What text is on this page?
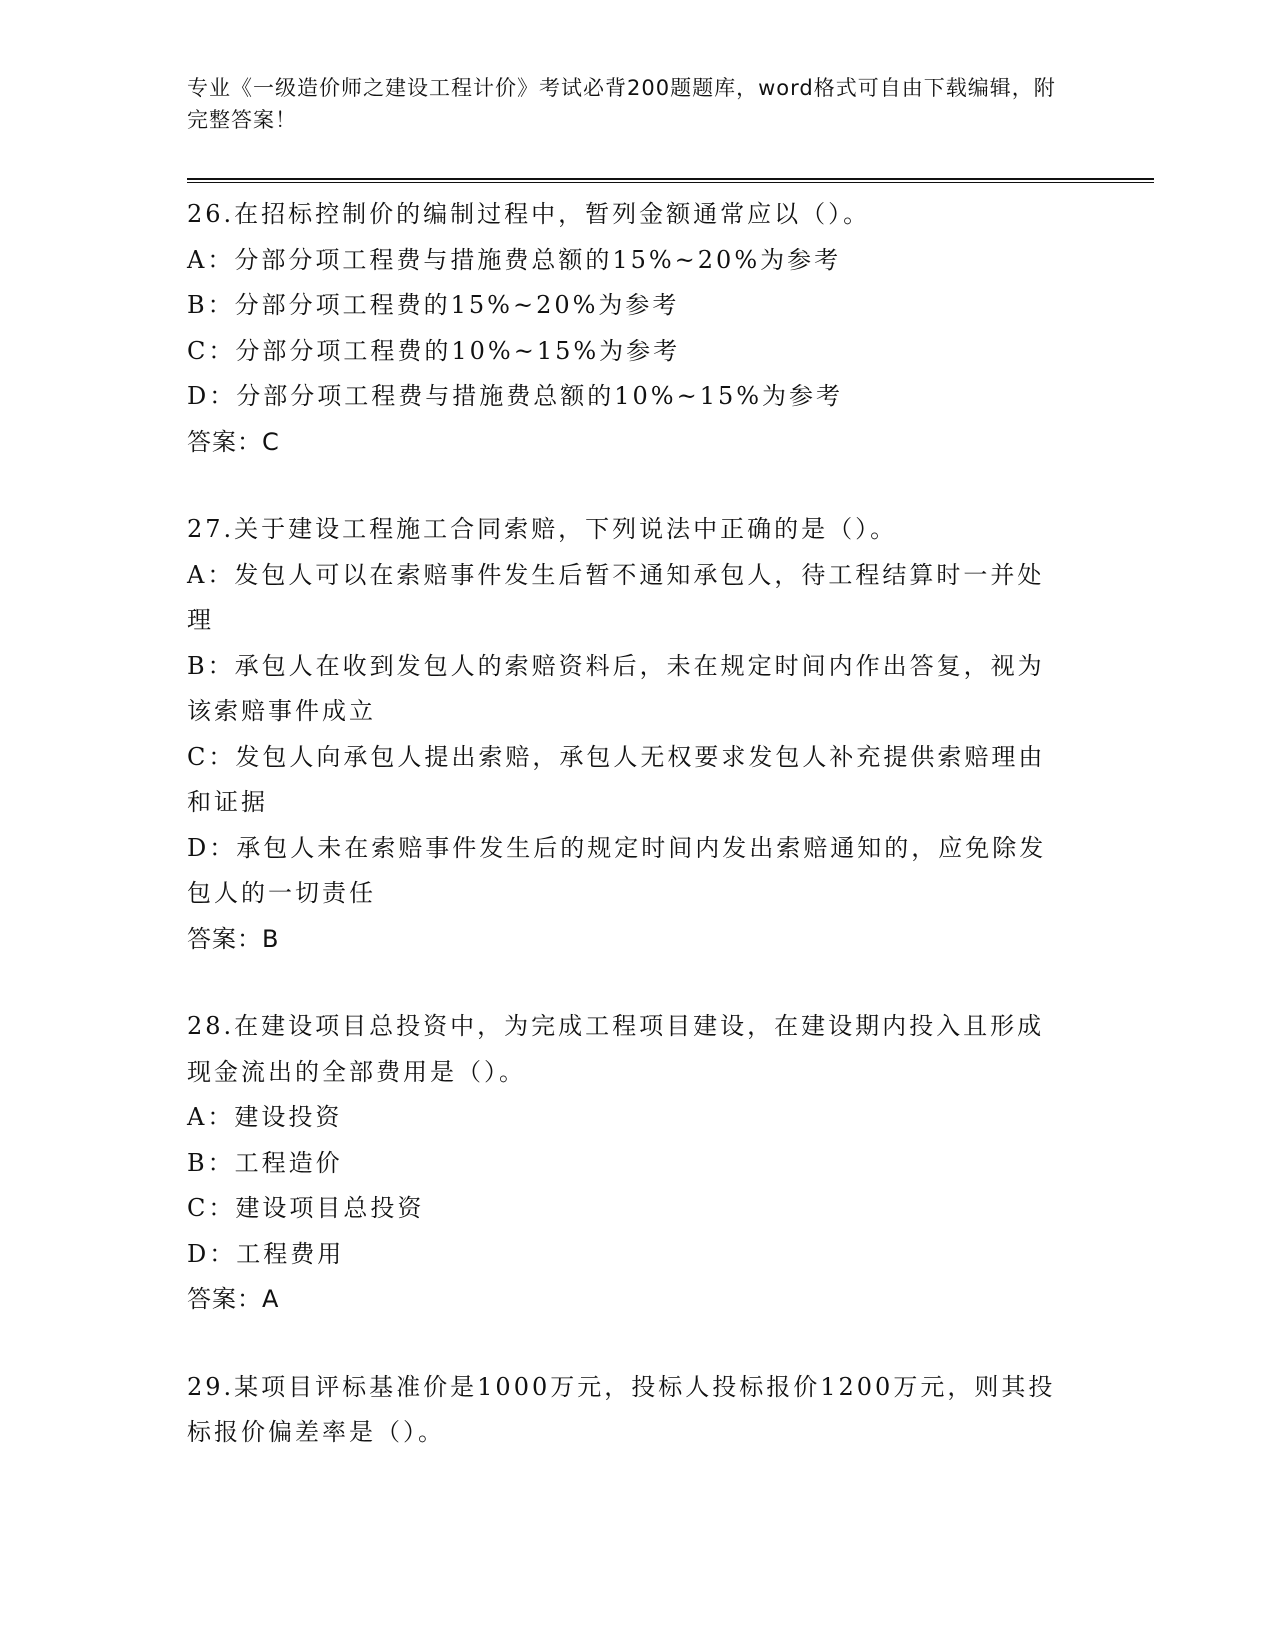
专业《一级造价师之建设工程计价》考试必背200题题库，word格式可自由下载编辑，附完整答案！
26.在招标控制价的编制过程中，暂列金额通常应以（）。
A：分部分项工程费与措施费总额的15%~20%为参考
B：分部分项工程费的15%~20%为参考
C：分部分项工程费的10%~15%为参考
D：分部分项工程费与措施费总额的10%~15%为参考
答案：C
27.关于建设工程施工合同索赔，下列说法中正确的是（）。
A：发包人可以在索赔事件发生后暂不通知承包人，待工程结算时一并处理
B：承包人在收到发包人的索赔资料后，未在规定时间内作出答复，视为该索赔事件成立
C：发包人向承包人提出索赔，承包人无权要求发包人补充提供索赔理由和证据
D：承包人未在索赔事件发生后的规定时间内发出索赔通知的，应免除发包人的一切责任
答案：B
28.在建设项目总投资中，为完成工程项目建设，在建设期内投入且形成现金流出的全部费用是（）。
A：建设投资
B：工程造价
C：建设项目总投资
D：工程费用
答案：A
29.某项目评标基准价是1000万元，投标人投标报价1200万元，则其投标报价偏差率是（）。
